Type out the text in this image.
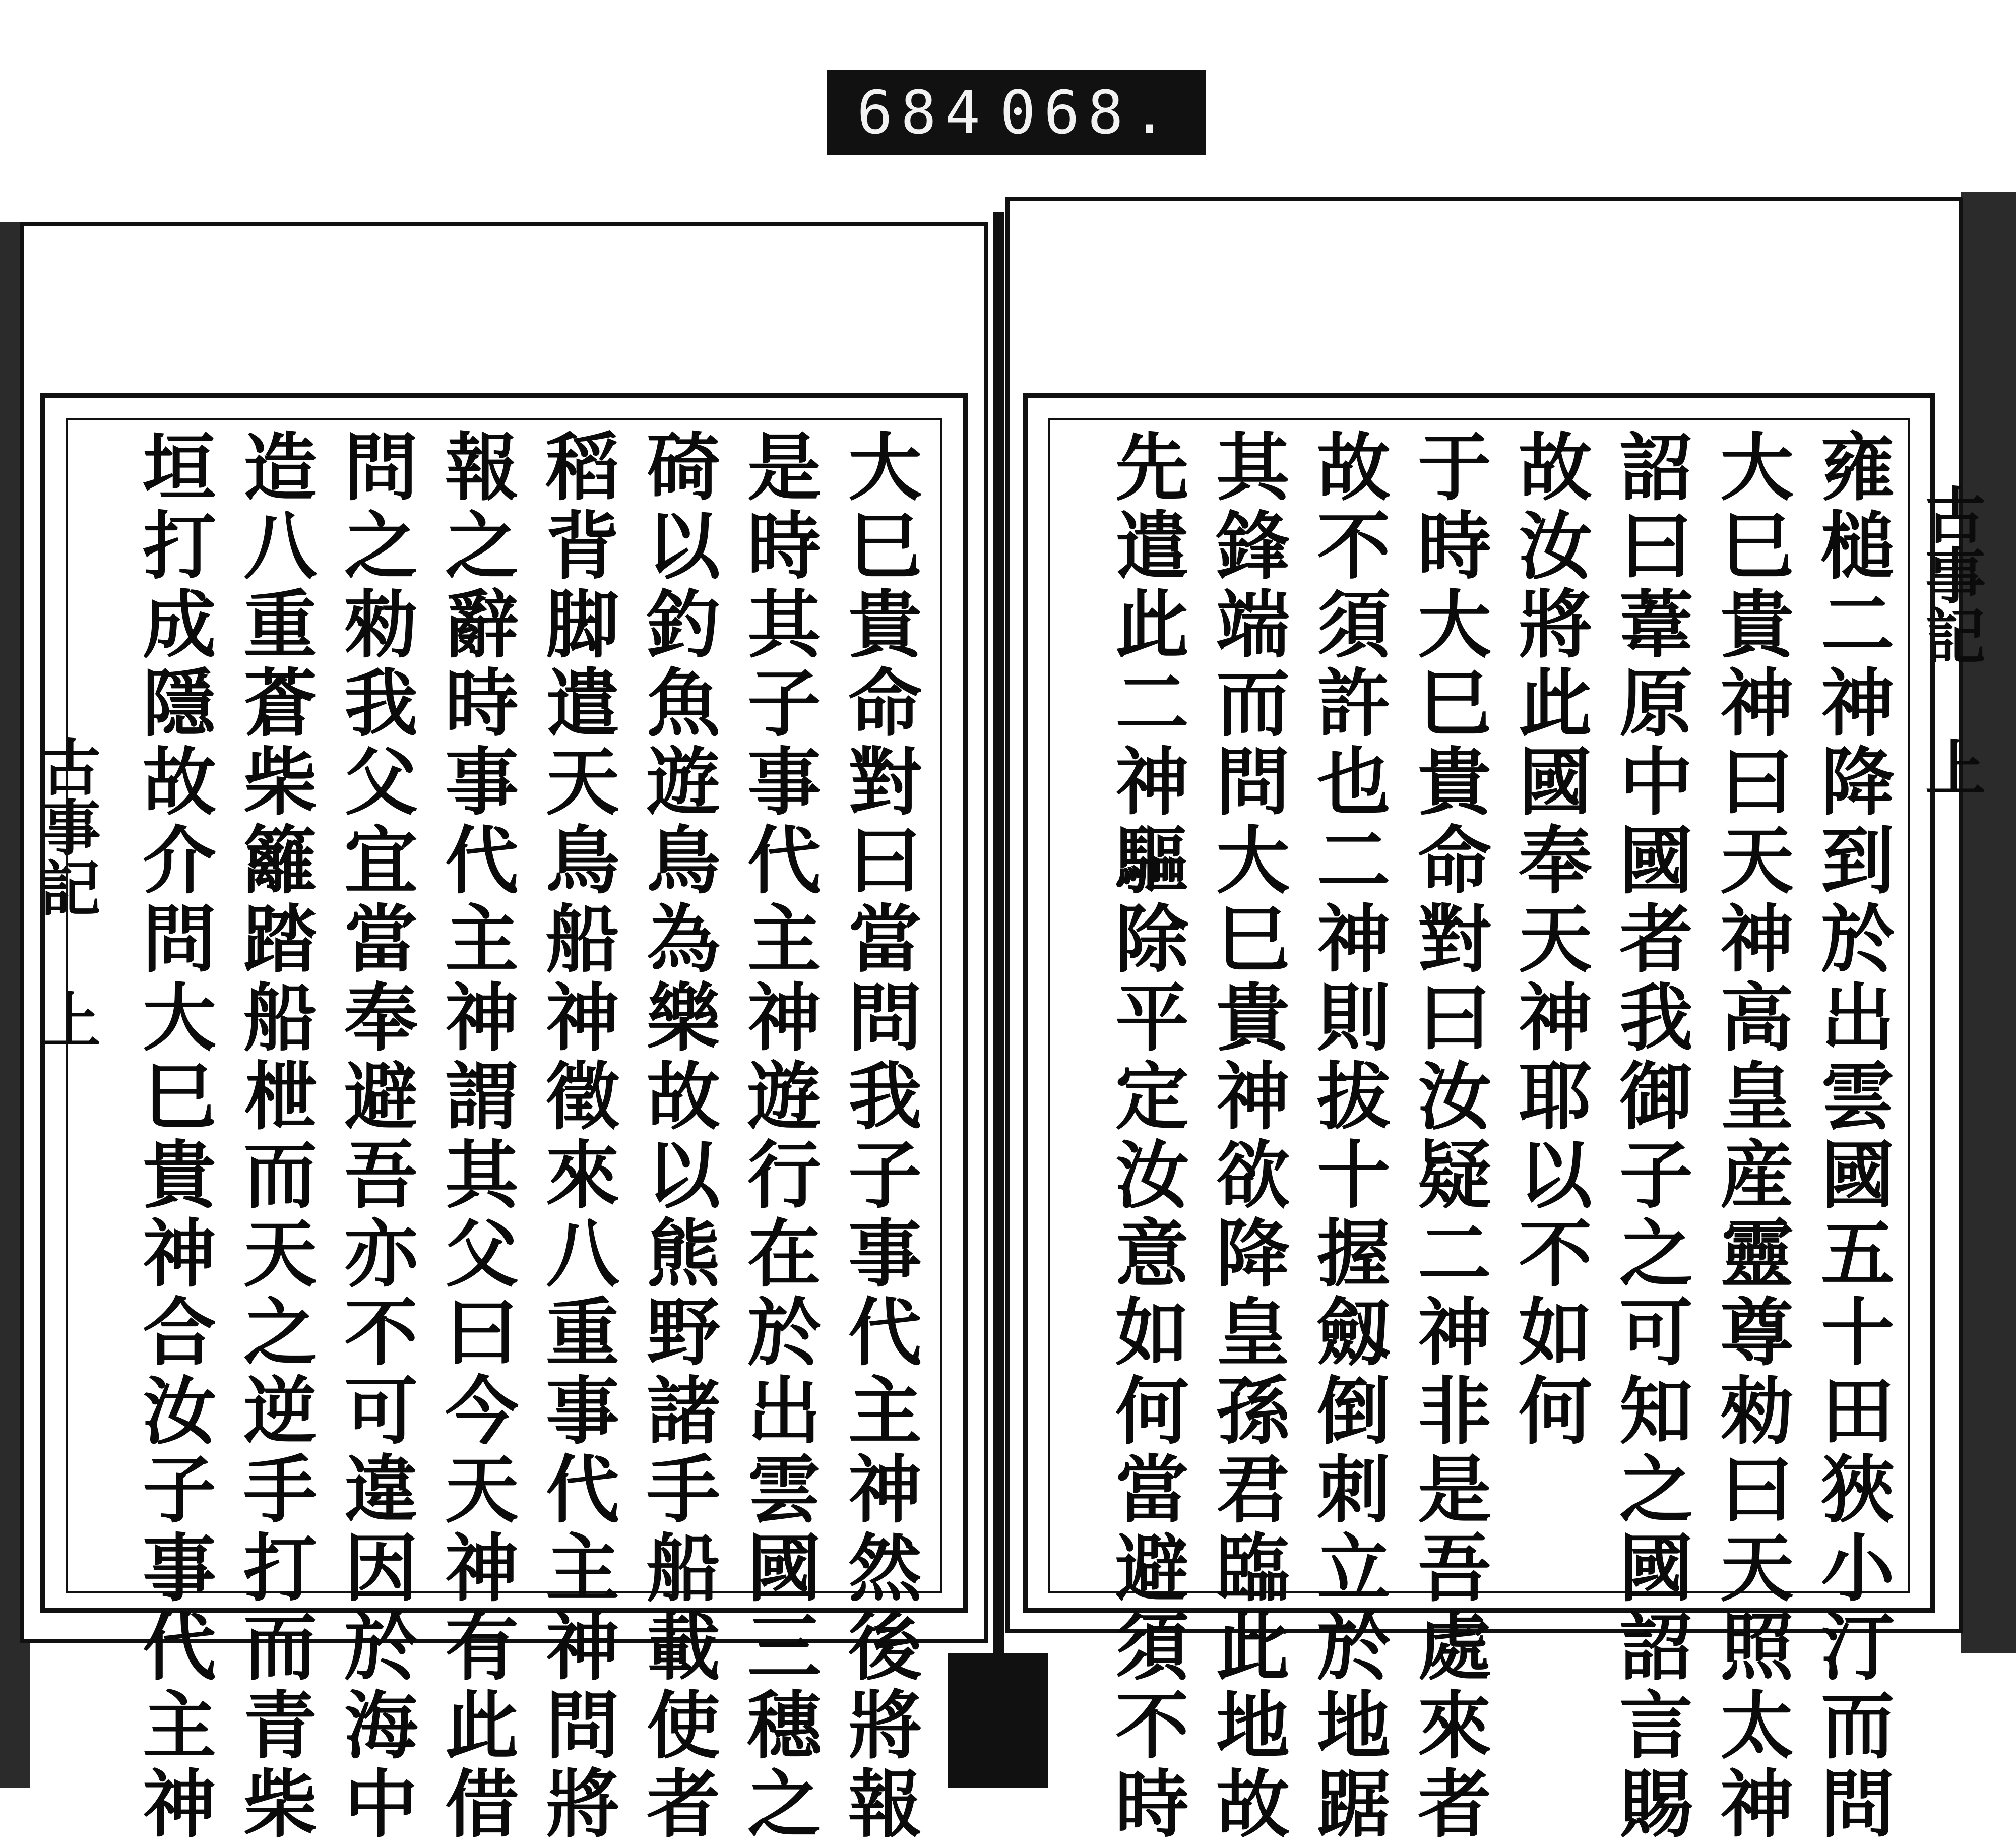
684 068.
古事記 上	大巳貴命對曰當問我子事代主神然後將報
是時其子事代主神遊行在於出雲國三穗之
碕以釣魚遊鳥為樂故以熊野諸手船載使者
稻背脚遣天鳥船神徵來八重事代主神問將
報之辭時事代主神謂其父曰今天神有此借
問之勑我父宜當奉避吾亦不可違因於海中
造八重蒼柴籬踏船枻而天之逆手打而青柴
垣打成隱故介問大巳貴神合汝子事代主神	古事記 上
雍槌二神降到於出雲國五十田狹小汀而問
大巳貴神曰天神高皇産靈尊勑曰天照太神
詔曰葦原中國者我御子之可知之國詔言賜
故汝將此國奉天神耶以不如何
于時大巳貴命對曰汝疑二神非是吾處來者
故不須許也二神則拔十握劔倒刺立於地踞
其鋒端而問大巳貴神欲降皇孫君臨此地故
先遣此二神驅除平定汝意如何當避須不時
